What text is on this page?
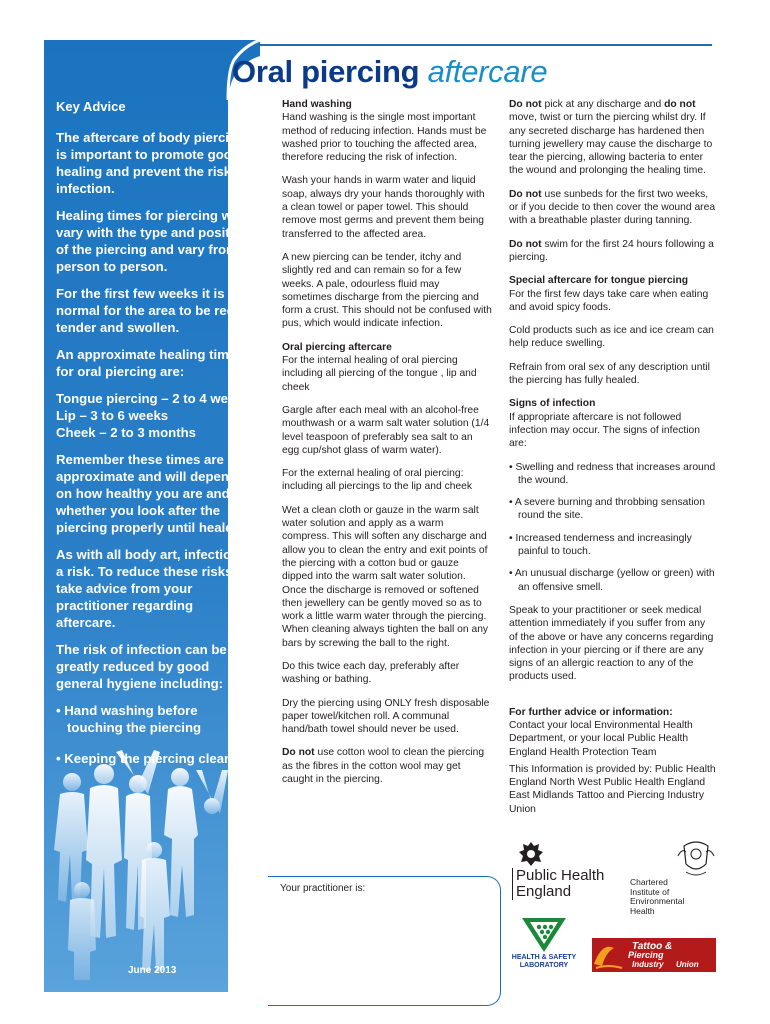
Key Advice

The aftercare of body piercing is important to promote good healing and prevent the risk of infection.

Healing times for piercing will vary with the type and position of the piercing and vary from person to person.

For the first few weeks it is normal for the area to be red, tender and swollen.

An approximate healing times for oral piercing are:

Tongue piercing – 2 to 4 weeks.
Lip – 3 to 6 weeks
Cheek – 2 to 3 months

Remember these times are approximate and will depend on how healthy you are and whether you look after the piercing properly until healed.

As with all body art, infection is a risk. To reduce these risks take advice from your practitioner regarding aftercare.

The risk of infection can be greatly reduced by good general hygiene including:

• Hand washing before touching the piercing
• Keeping the piercing clean.
June 2013
Oral piercing aftercare

Hand washing

Hand washing is the single most important method of reducing infection. Hands must be washed prior to touching the affected area, therefore reducing the risk of infection.

Wash your hands in warm water and liquid soap, always dry your hands thoroughly with a clean towel or paper towel. This should remove most germs and prevent them being transferred to the affected area.

A new piercing can be tender, itchy and slightly red and can remain so for a few weeks. A pale, odourless fluid may sometimes discharge from the piercing and form a crust. This should not be confused with pus, which would indicate infection.

Oral piercing aftercare

For the internal healing of oral piercing including all piercing of the tongue , lip and cheek

Gargle after each meal with an alcohol-free mouthwash or a warm salt water solution (1/4 level teaspoon of preferably sea salt to an egg cup/shot glass of warm water).

For the external healing of oral piercing: including all piercings to the lip and cheek

Wet a clean cloth or gauze in the warm salt water solution and apply as a warm compress. This will soften any discharge and allow you to clean the entry and exit points of the piercing with a cotton bud or gauze dipped into the warm salt water solution. Once the discharge is removed or softened then jewellery can be gently moved so as to work a little warm water through the piercing. When cleaning always tighten the ball on any bars by screwing the ball to the right.

Do this twice each day, preferably after washing or bathing.

Dry the piercing using ONLY fresh disposable paper towel/kitchen roll. A communal hand/bath towel should never be used.

Do not use cotton wool to clean the piercing as the fibres in the cotton wool may get caught in the piercing.

Do not pick at any discharge and do not move, twist or turn the piercing whilst dry. If any secreted discharge has hardened then turning jewellery may cause the discharge to tear the piercing, allowing bacteria to enter the wound and prolonging the healing time.

Do not use sunbeds for the first two weeks, or if you decide to then cover the wound area with a breathable plaster during tanning.

Do not swim for the first 24 hours following a piercing.

Special aftercare for tongue piercing

For the first few days take care when eating and avoid spicy foods.

Cold products such as ice and ice cream can help reduce swelling.

Refrain from oral sex of any description until the piercing has fully healed.

Signs of infection

If appropriate aftercare is not followed infection may occur. The signs of infection are:

• Swelling and redness that increases around the wound.
• A severe burning and throbbing sensation round the site.
• Increased tenderness and increasingly painful to touch.
• An unusual discharge (yellow or green) with an offensive smell.

Speak to your practitioner or seek medical attention immediately if you suffer from any of the above or have any concerns regarding infection in your piercing or if there are any signs of an allergic reaction to any of the products used.

For further advice or information:

Contact your local Environmental Health Department, or your local Public Health England Health Protection Team

This Information is provided by: Public Health England North West Public Health England East Midlands Tattoo and Piercing Industry Union

Your practitioner is:
Public Health
England
Chartered
Institute of
Environmental
Health
HEALTH & SAFETY
LABORATORY
Tattoo &
Piercing
Industry Union
